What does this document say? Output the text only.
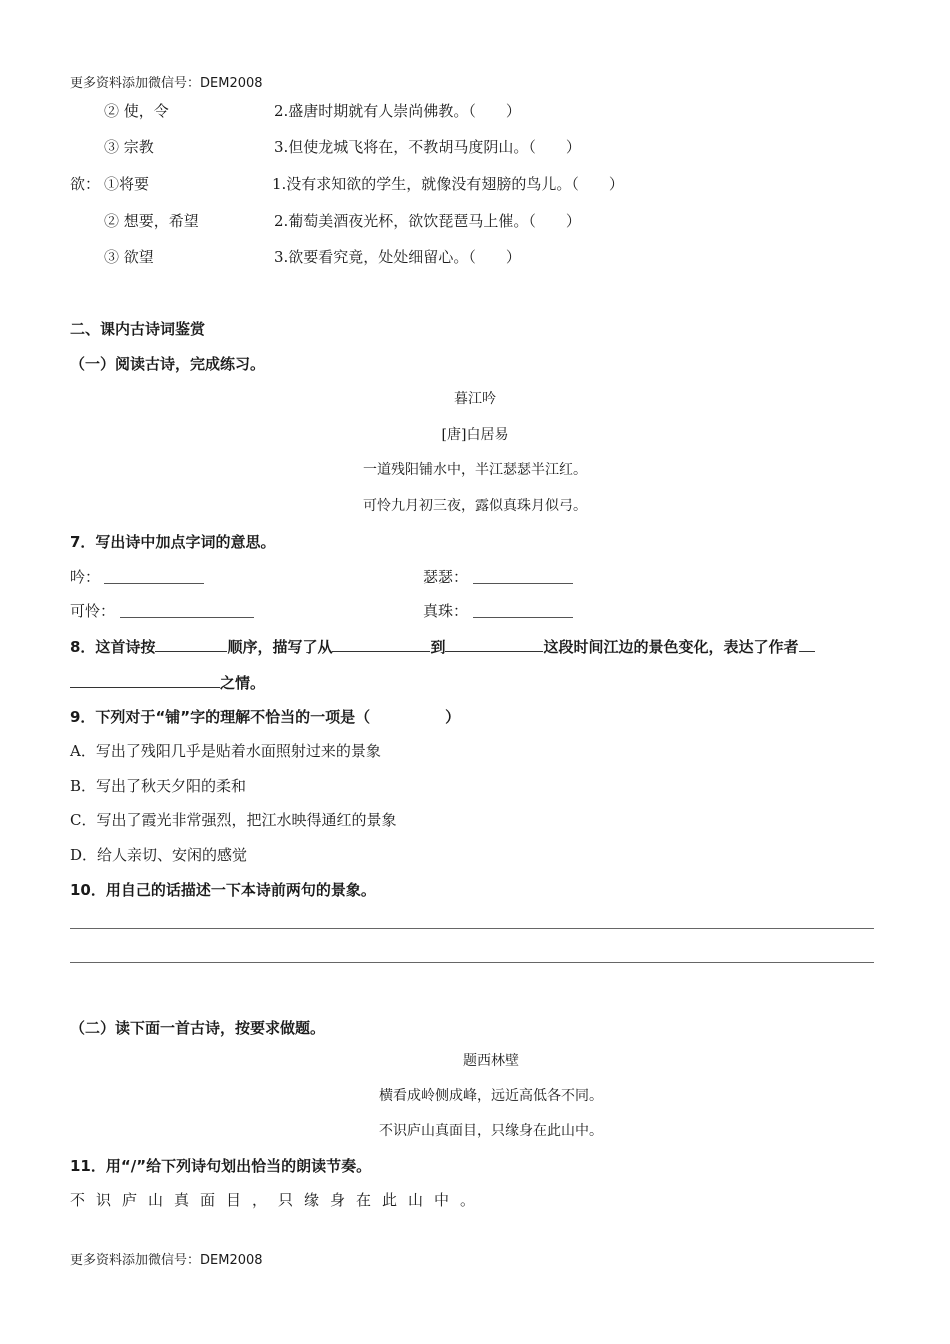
更多资料添加微信号：DEM2008
② 使，令	2.盛唐时期就有人崇尚佛教。（　　）
③ 宗教	3.但使龙城飞将在，不教胡马度阴山。（　　）
欲： ①将要	1.没有求知欲的学生，就像没有翅膀的鸟儿。（　　）
② 想要，希望	2.葡萄美酒夜光杯，欲饮琵琶马上催。（　　）
③ 欲望	3.欲要看究竟，处处细留心。（　　）
二、课内古诗词鉴赏
（一）阅读古诗，完成练习。
暮江吟
[唐]白居易
一道残阳铺水中，半江瑟瑟半江红。
可怜九月初三夜，露似真珠月似弓。
7．写出诗中加点字词的意思。
吟：	瑟瑟：
可怜：	真珠：
8．这首诗按	顺序，描写了从	到	这段时间江边的景色变化，表达了作者
之情。
9．下列对于“铺”字的理解不恰当的一项是（　　　　　）
A．写出了残阳几乎是贴着水面照射过来的景象
B．写出了秋天夕阳的柔和
C．写出了霞光非常强烈，把江水映得通红的景象
D．给人亲切、安闲的感觉
10．用自己的话描述一下本诗前两句的景象。
（二）读下面一首古诗，按要求做题。
题西林壁
横看成岭侧成峰，远近高低各不同。
不识庐山真面目，只缘身在此山中。
11．用“/”给下列诗句划出恰当的朗读节奏。
不识庐山真面目，只缘身在此山中。
更多资料添加微信号：DEM2008
